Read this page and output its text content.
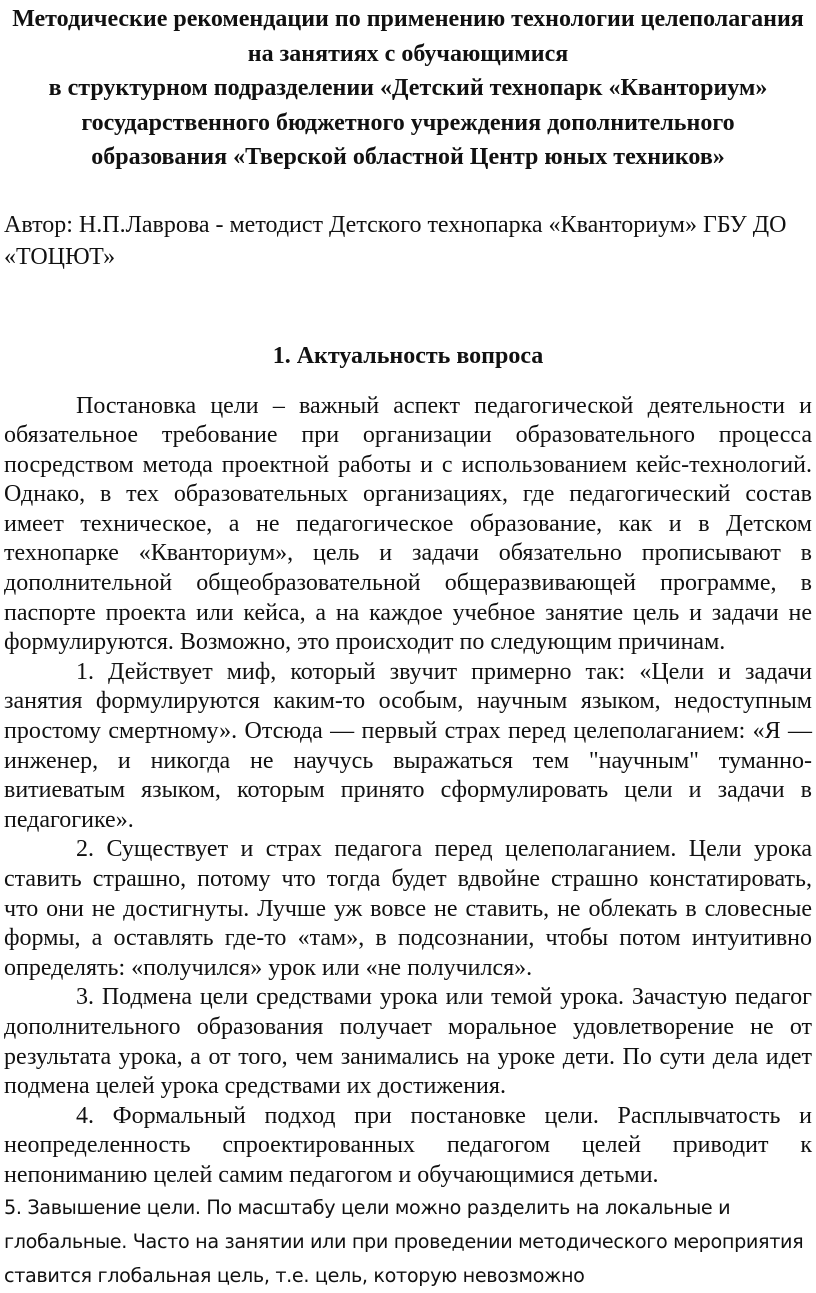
Методические рекомендации по применению технологии целеполагания
на занятиях с обучающимися
в структурном подразделении «Детский технопарк «Кванториум»
государственного бюджетного учреждения дополнительного
образования «Тверской областной Центр юных техников»

Автор: Н.П.Лаврова - методист Детского технопарка «Кванториум» ГБУ ДО «ТОЦЮТ»

1. Актуальность вопроса

Постановка цели – важный аспект педагогической деятельности и обязательное требование при организации образовательного процесса посредством метода проектной работы и с использованием кейс-технологий. Однако, в тех образовательных организациях, где педагогический состав имеет техническое, а не педагогическое образование, как и в Детском технопарке «Кванториум», цель и задачи обязательно прописывают в дополнительной общеобразовательной общеразвивающей программе, в паспорте проекта или кейса, а на каждое учебное занятие цель и задачи не формулируются. Возможно, это происходит по следующим причинам.

1. Действует миф, который звучит примерно так: «Цели и задачи занятия формулируются каким-то особым, научным языком, недоступным простому смертному». Отсюда — первый страх перед целеполаганием: «Я — инженер, и никогда не научусь выражаться тем "научным" туманно-витиеватым языком, которым принято сформулировать цели и задачи в педагогике».

2. Существует и страх педагога перед целеполаганием. Цели урока ставить страшно, потому что тогда будет вдвойне страшно констатировать, что они не достигнуты. Лучше уж вовсе не ставить, не облекать в словесные формы, а оставлять где-то «там», в подсознании, чтобы потом интуитивно определять: «получился» урок или «не получился».

3. Подмена цели средствами урока или темой урока. Зачастую педагог дополнительного образования получает моральное удовлетворение не от результата урока, а от того, чем занимались на уроке дети. По сути дела идет подмена целей урока средствами их достижения.

4. Формальный подход при постановке цели. Расплывчатость и неопределенность спроектированных педагогом целей приводит к непониманию целей самим педагогом и обучающимися детьми.

5. Завышение цели. По масштабу цели можно разделить на локальные и глобальные. Часто на занятии или при проведении методического мероприятия ставится глобальная цель, т.е. цель, которую невозможно
